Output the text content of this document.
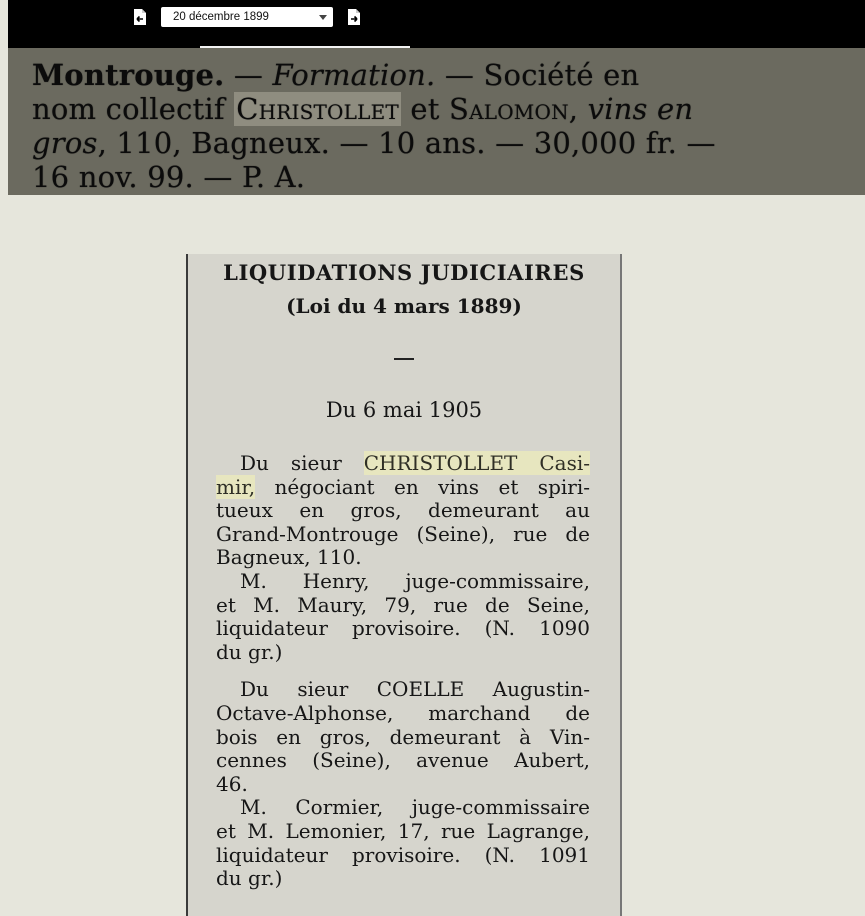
20 décembre 1899
Montrouge. — Formation. — Société en
nom collectif Christollet et Salomon, vins en
gros, 110, Bagneux. — 10 ans. — 30,000 fr. —
16 nov. 99. — P. A.
LIQUIDATIONS JUDICIAIRES
(Loi du 4 mars 1889)
Du 6 mai 1905

Du sieur CHRISTOLLET Casi-
mir, négociant en vins et spiri-
tueux en gros, demeurant au
Grand-Montrouge (Seine), rue de
Bagneux, 110.

M. Henry, juge-commissaire,
et M. Maury, 79, rue de Seine,
liquidateur provisoire. (N. 1090
du gr.)

Du sieur COELLE Augustin-
Octave-Alphonse, marchand de
bois en gros, demeurant à Vin-
cennes (Seine), avenue Aubert,
46.

M. Cormier, juge-commissaire
et M. Lemonier, 17, rue Lagrange,
liquidateur provisoire. (N. 1091
du gr.)
